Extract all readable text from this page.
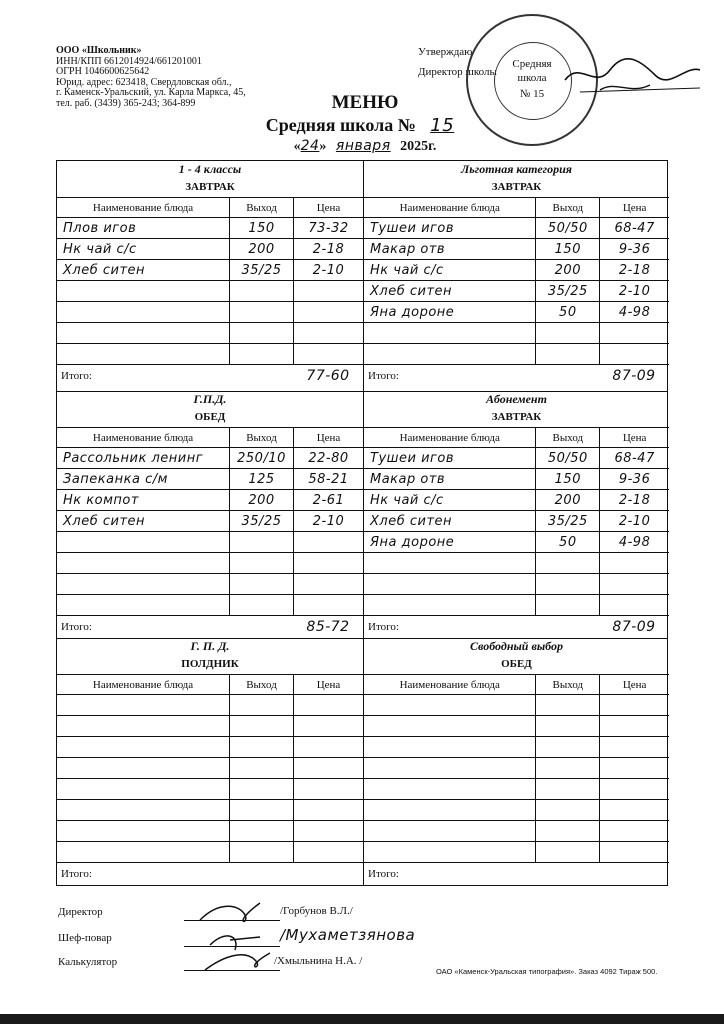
ООО «Школьник»
ИНН/КПП 6612014924/661201001
ОГРН 1046600625642
Юрид. адрес: 623418, Свердловская обл.,
г. Каменск-Уральский, ул. Карла Маркса, 45,
тел. раб. (3439) 365-243; 364-899
Утверждаю
Директор школы
Средняя
школа
№ 15
МЕНЮ
Средняя школа № 15
«24» января 2025г.
1 - 4 классы
ЗАВТРАК
Наименование блюда	Выход	Цена
Плов игов	150	73-32
Нк чай с/с	200	2-18
Хлеб ситен	35/25 2-10
Итого:	77-60
Льготная категория
ЗАВТРАК
Наименование блюда	Выход	Цена
Тушеи игов	50/50 68-47
Макар отв	150	9-36
Нк чай с/с	200	2-18
Хлеб ситен	35/25 2-10
Яна дороне	50	4-98
Итого:	87-09
Г.П.Д.
ОБЕД
Наименование блюда	Выход	Цена
Рассольник ленинг	250/10 22-80
Запеканка с/м	125	58-21
Нк компот	200	2-61
Хлеб ситен	35/25 2-10
Итого:	85-72
Абонемент
ЗАВТРАК
Наименование блюда	Выход	Цена
Тушеи игов	50/50 68-47
Макар отв	150	9-36
Нк чай с/с	200	2-18
Хлеб ситен	35/25 2-10
Яна дороне	50	4-98
Итого:	87-09
Г. П. Д.
ПОЛДНИК
Наименование блюда	Выход	Цена
Итого:
Свободный выбор
ОБЕД
Наименование блюда	Выход	Цена
Итого:
Директор
Шеф-повар
Калькулятор
/Горбунов В.Л./
/Мухаметзянова
/Хмыльнина Н.А. /
ОАО «Каменск-Уральская типография». Заказ 4092 Тираж 500.
